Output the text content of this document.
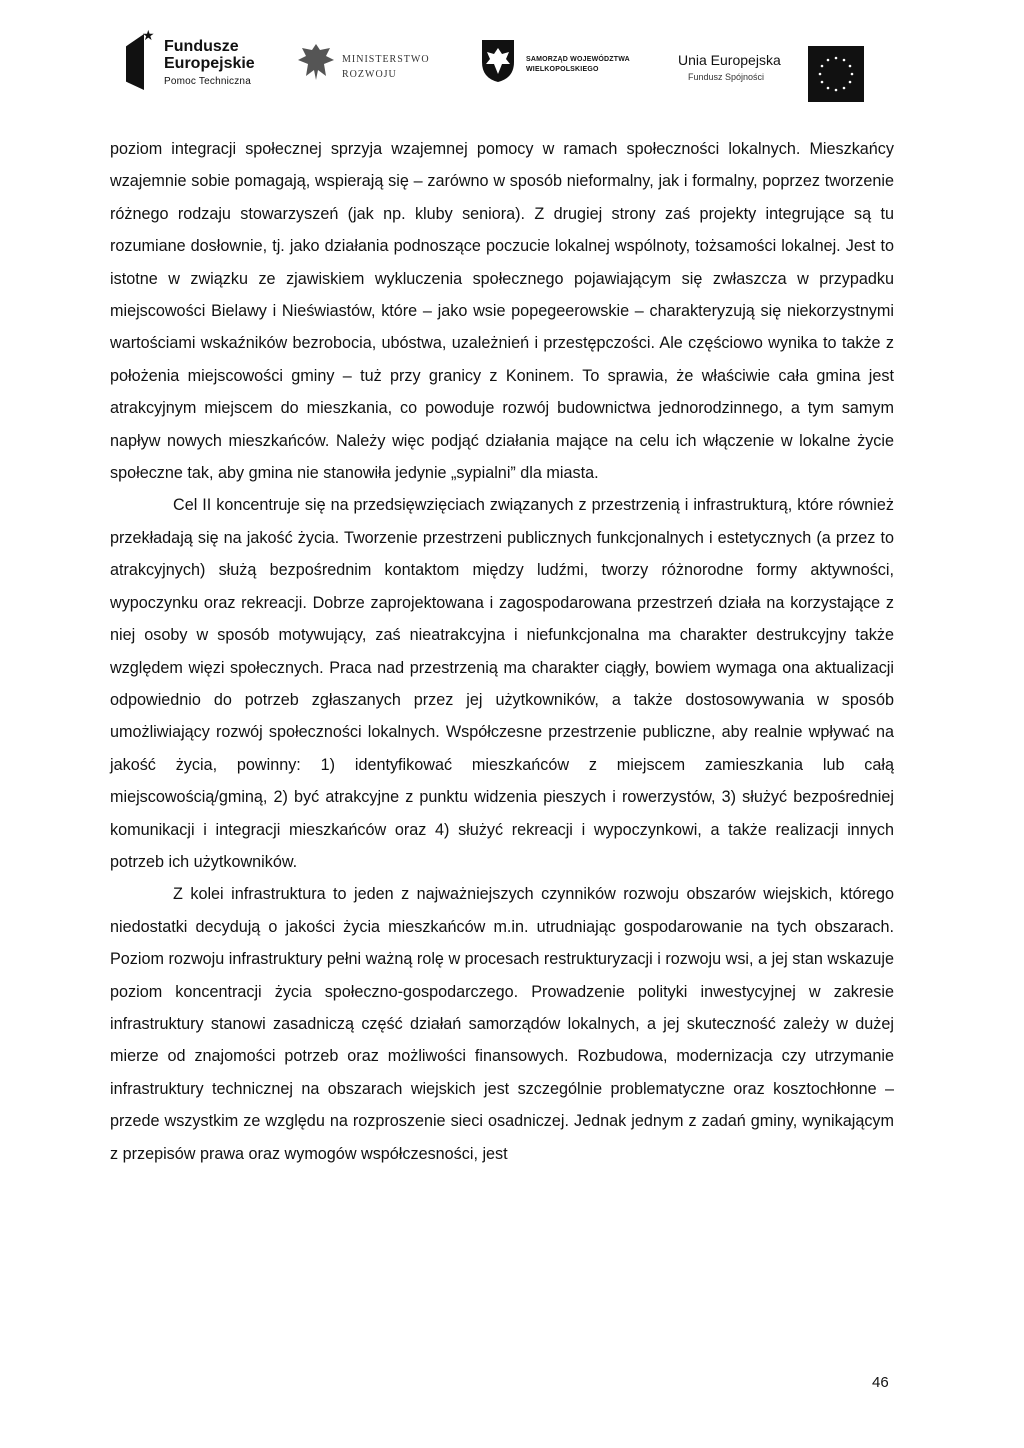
★
Fundusze
Europejskie
Pomoc Techniczna
MINISTERSTWO
ROZWOJU
SAMORZĄD WOJEWÓDZTWA
WIELKOPOLSKIEGO
Unia Europejska
Fundusz Spójności

poziom integracji społecznej sprzyja wzajemnej pomocy w ramach społeczności lokalnych. Mieszkańcy wzajemnie sobie pomagają, wspierają się – zarówno w sposób nieformalny, jak i formalny, poprzez tworzenie różnego rodzaju stowarzyszeń (jak np. kluby seniora). Z drugiej strony zaś projekty integrujące są tu rozumiane dosłownie, tj. jako działania podnoszące poczucie lokalnej wspólnoty, tożsamości lokalnej. Jest to istotne w związku ze zjawiskiem wykluczenia społecznego pojawiającym się zwłaszcza w przypadku miejscowości Bielawy i Nieświastów, które – jako wsie popegeerowskie – charakteryzują się niekorzystnymi wartościami wskaźników bezrobocia, ubóstwa, uzależnień i przestępczości. Ale częściowo wynika to także z położenia miejscowości gminy – tuż przy granicy z Koninem. To sprawia, że właściwie cała gmina jest atrakcyjnym miejscem do mieszkania, co powoduje rozwój budownictwa jednorodzinnego, a tym samym napływ nowych mieszkańców. Należy więc podjąć działania mające na celu ich włączenie w lokalne życie społeczne tak, aby gmina nie stanowiła jedynie „sypialni” dla miasta.

Cel II koncentruje się na przedsięwzięciach związanych z przestrzenią i infrastrukturą, które również przekładają się na jakość życia. Tworzenie przestrzeni publicznych funkcjonalnych i estetycznych (a przez to atrakcyjnych) służą bezpośrednim kontaktom między ludźmi, tworzy różnorodne formy aktywności, wypoczynku oraz rekreacji. Dobrze zaprojektowana i zagospodarowana przestrzeń działa na korzystające z niej osoby w sposób motywujący, zaś nieatrakcyjna i niefunkcjonalna ma charakter destrukcyjny także względem więzi społecznych. Praca nad przestrzenią ma charakter ciągły, bowiem wymaga ona aktualizacji odpowiednio do potrzeb zgłaszanych przez jej użytkowników, a także dostosowywania w sposób umożliwiający rozwój społeczności lokalnych. Współczesne przestrzenie publiczne, aby realnie wpływać na jakość życia, powinny: 1) identyfikować mieszkańców z miejscem zamieszkania lub całą miejscowością/gminą, 2) być atrakcyjne z punktu widzenia pieszych i rowerzystów, 3) służyć bezpośredniej komunikacji i integracji mieszkańców oraz 4) służyć rekreacji i wypoczynkowi, a także realizacji innych potrzeb ich użytkowników.

Z kolei infrastruktura to jeden z najważniejszych czynników rozwoju obszarów wiejskich, którego niedostatki decydują o jakości życia mieszkańców m.in. utrudniając gospodarowanie na tych obszarach. Poziom rozwoju infrastruktury pełni ważną rolę w procesach restrukturyzacji i rozwoju wsi, a jej stan wskazuje poziom koncentracji życia społeczno-gospodarczego. Prowadzenie polityki inwestycyjnej w zakresie infrastruktury stanowi zasadniczą część działań samorządów lokalnych, a jej skuteczność zależy w dużej mierze od znajomości potrzeb oraz możliwości finansowych. Rozbudowa, modernizacja czy utrzymanie infrastruktury technicznej na obszarach wiejskich jest szczególnie problematyczne oraz kosztochłonne – przede wszystkim ze względu na rozproszenie sieci osadniczej. Jednak jednym z zadań gminy, wynikającym z przepisów prawa oraz wymogów współczesności, jest

46
